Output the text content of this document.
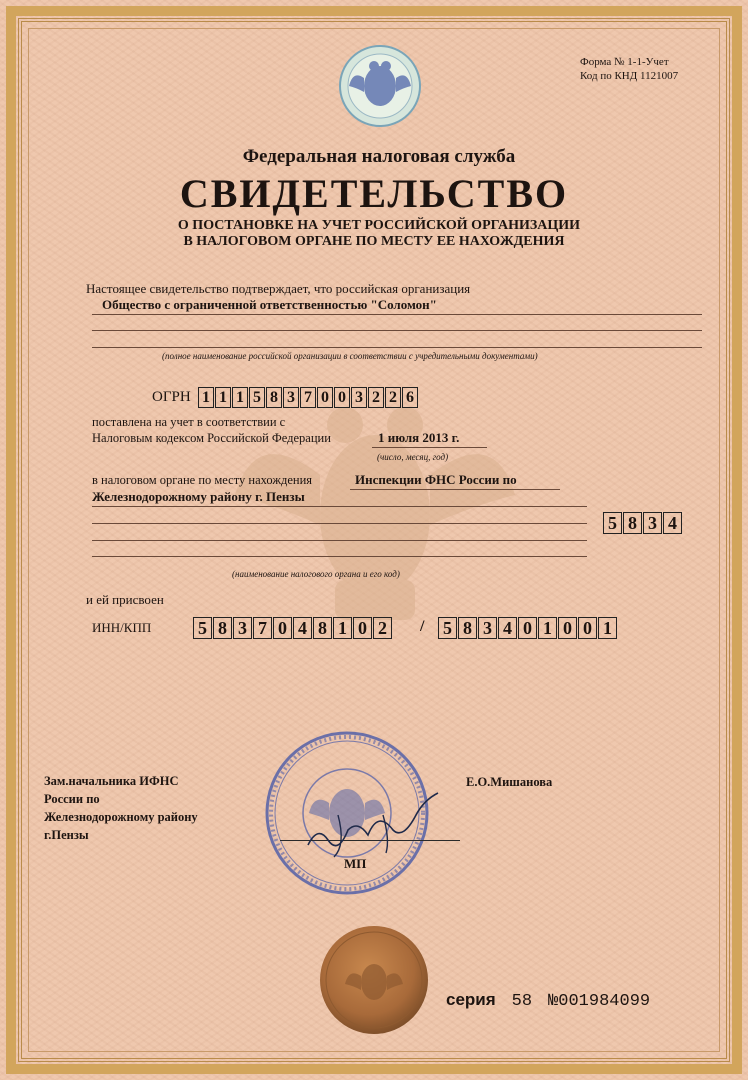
Форма № 1-1-Учет
Код по КНД 1121007
Федеральная налоговая служба
СВИДЕТЕЛЬСТВО
О ПОСТАНОВКЕ НА УЧЕТ РОССИЙСКОЙ ОРГАНИЗАЦИИ
В НАЛОГОВОМ ОРГАНЕ ПО МЕСТУ ЕЕ НАХОЖДЕНИЯ
Настоящее свидетельство подтверждает, что российская организация
Общество с ограниченной ответственностью "Соломон"
(полное наименование российской организации в соответствии с учредительными документами)
ОГРН 1 1 1 5 8 3 7 0 0 3 2 2 6
поставлена на учет в соответствии с
Налоговым кодексом Российской Федерации	1 июля 2013 г.
(число, месяц, год)
в налоговом органе по месту нахождения	Инспекции ФНС России по
Железнодорожному району г. Пензы
5 8 3 4
(наименование налогового органа и его код)
и ей присвоен
ИНН/КПП	5 8 3 7 0 4 8 1 0 2	/ 5 8 3 4 0 1 0 0 1
Зам.начальника ИФНС
России по
Железнодорожному району
г.Пензы
Е.О.Мишанова
МП
серия 58 №001984099
